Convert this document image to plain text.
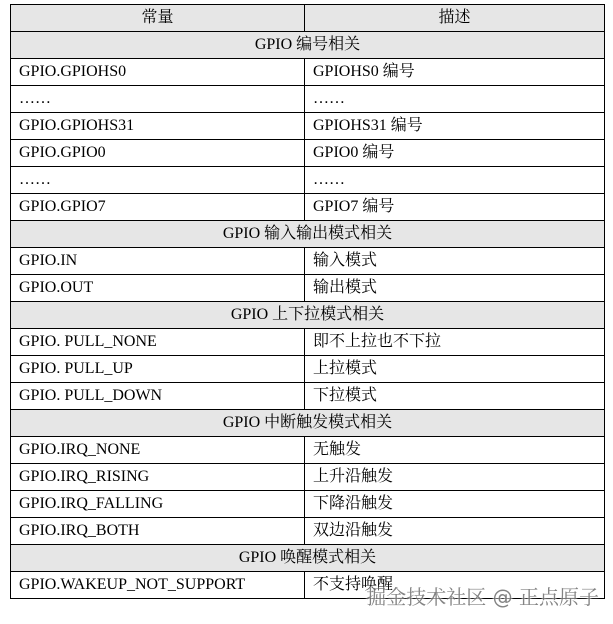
常量	描述
GPIO 编号相关	
GPIO.GPIOHS0	GPIOHS0 编号
……	……
GPIO.GPIOHS31	GPIOHS31 编号
GPIO.GPIO0	GPIO0 编号
……	……
GPIO.GPIO7	GPIO7 编号
GPIO 输入输出模式相关	
GPIO.IN	输入模式
GPIO.OUT	输出模式
GPIO 上下拉模式相关	
GPIO. PULL_NONE	即不上拉也不下拉
GPIO. PULL_UP	上拉模式
GPIO. PULL_DOWN	下拉模式
GPIO 中断触发模式相关	
GPIO.IRQ_NONE	无触发
GPIO.IRQ_RISING	上升沿触发
GPIO.IRQ_FALLING	下降沿触发
GPIO.IRQ_BOTH	双边沿触发
GPIO 唤醒模式相关	
GPIO.WAKEUP_NOT_SUPPORT	不支持唤醒
掘金技术社区 @ 正点原子
